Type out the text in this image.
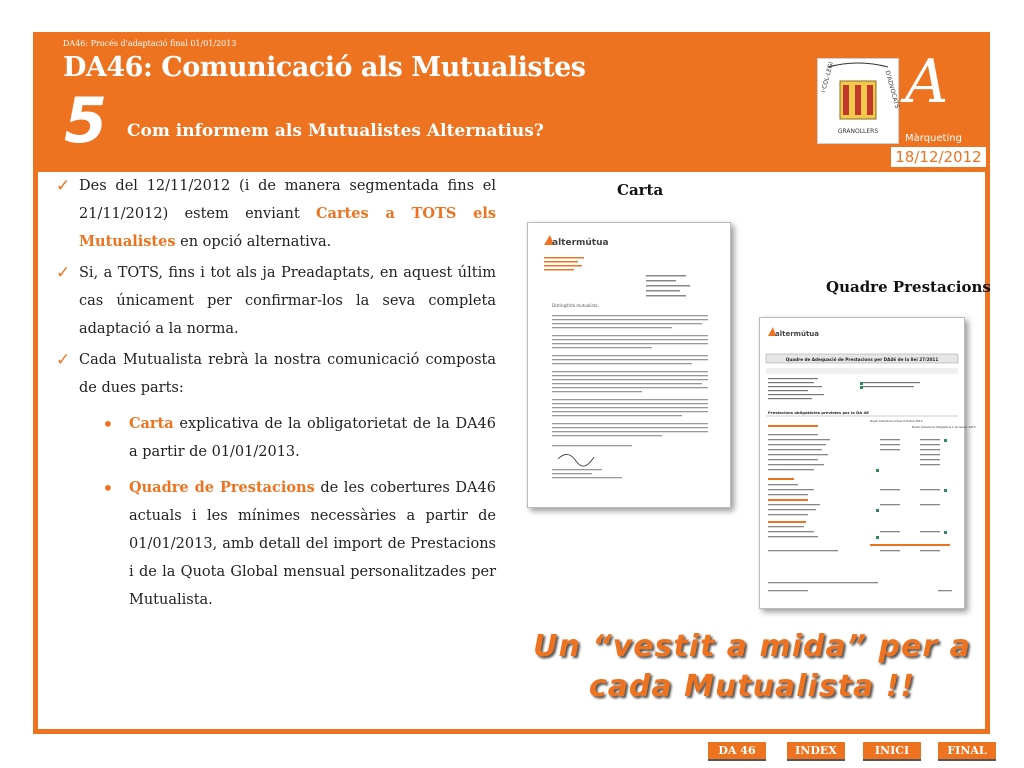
DA46: Procés d'adaptació final 01/01/2013
DA46: Comunicació als Mutualistes
5 Com informem als Mutualistes Alternatius?
I·COL·LEGI	D'ADVOCATS
GRANOLLERS
A
Màrqueting
18/12/2012
✓ Des del 12/11/2012 (i de manera segmentada fins el 21/11/2012) estem enviant Cartes a TOTS els Mutualistes en opció alternativa.
✓ Si, a TOTS, fins i tot als ja Preadaptats, en aquest últim cas únicament per confirmar-los la seva completa adaptació a la norma.
✓ Cada Mutualista rebrà la nostra comunicació composta de dues parts:
• Carta explicativa de la obligatorietat de la DA46 a partir de 01/01/2013.
• Quadre de Prestacions de les cobertures DA46 actuals i les mínimes necessàries a partir de 01/01/2013, amb detall del import de Prestacions i de la Quota Global mensual personalitzades per Mutualista.
Carta
Quadre Prestacions
altermútua
Distingit/da mutualista,
altermútua
Quadre de Adequació de Prestacions per DA46 de la llei 27/2011
Prestacions obligatòries previstes per la DA 46
Nivell Cobertura Actual Octubre 2012
Nivell Cobertura Obligatòria 1 de Gener 2013
Un “vestit a mida” per a
cada Mutualista !!
DA 46	INDEX	INICI	FINAL
